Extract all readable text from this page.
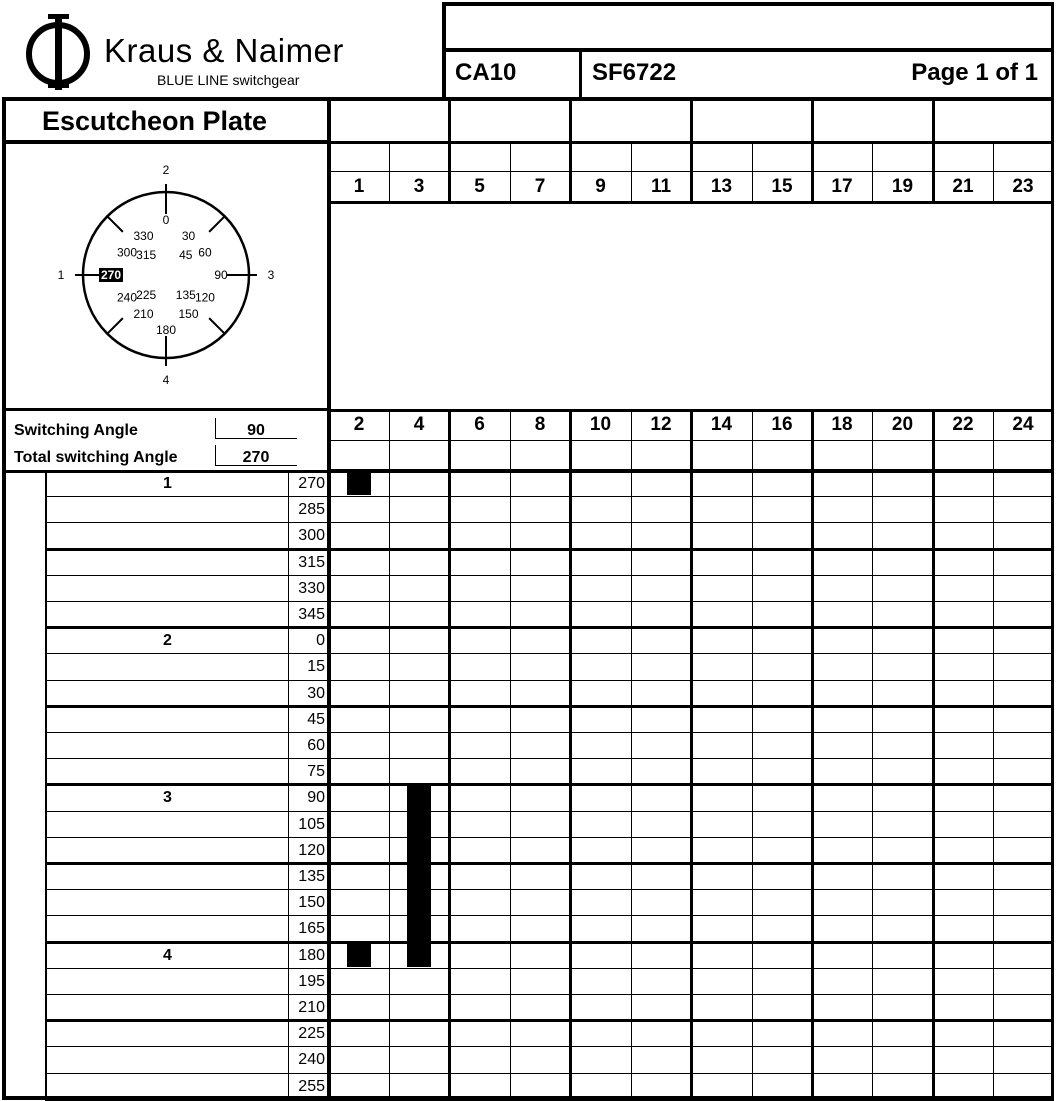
Kraus & Naimer
BLUE LINE switchgear	CA10	SF6722	Page 1 of 1
Escutcheon Plate
2
1	3
4
0
30
60
90
120
150
180
210
240
270
300
330
45
135
225
315
Switching Angle	90
Total switching Angle	270
1	3	5	7	9	11	13	15	17	19	21	23
2	4	6	8	10	12	14	16	18	20	22	24
1	270
285
300
315
330
345
2	0
15
30
45
60
75
3	90
105
120
135
150
165
4	180
195
210
225
240
255
